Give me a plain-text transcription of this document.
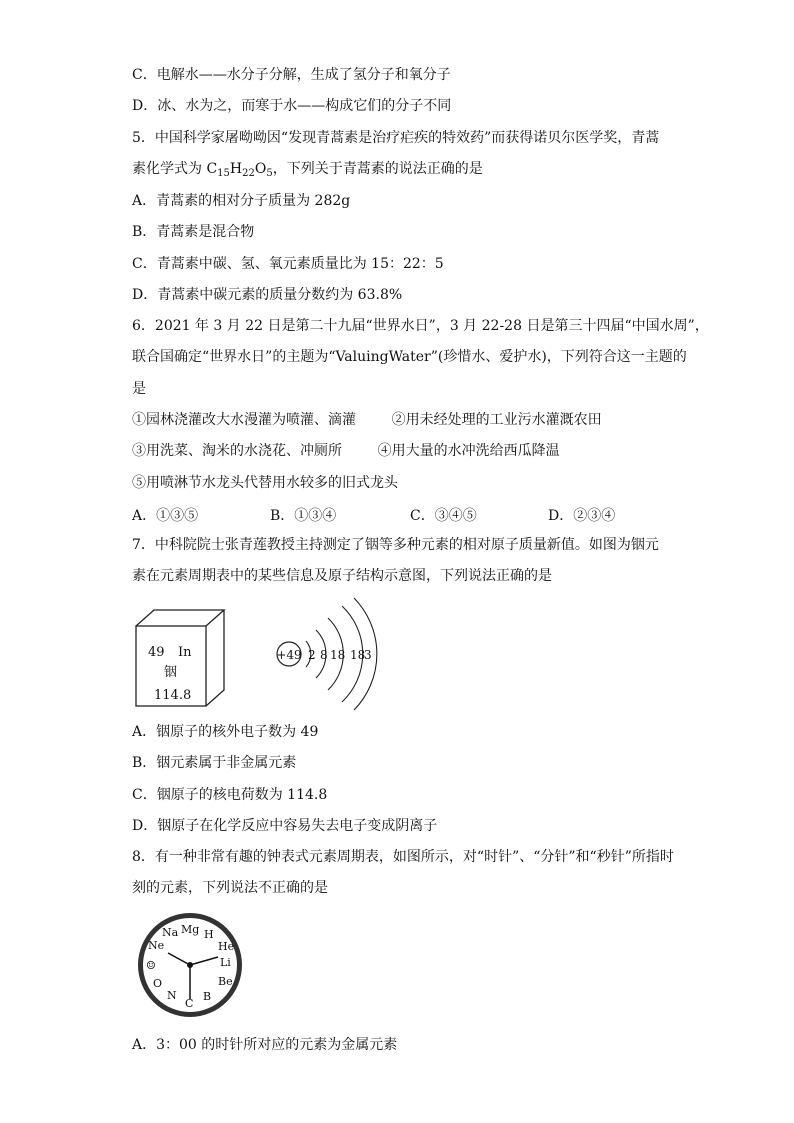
C．电解水——水分子分解，生成了氢分子和氧分子
D．冰、水为之，而寒于水——构成它们的分子不同
5．中国科学家屠呦呦因“发现青蒿素是治疗疟疾的特效药”而获得诺贝尔医学奖，青蒿
素化学式为 $C_{15}H_{22}O_5$，下列关于青蒿素的说法正确的是
A．青蒿素的相对分子质量为 282g
B．青蒿素是混合物
C．青蒿素中碳、氢、氧元素质量比为 15：22：5
D．青蒿素中碳元素的质量分数约为 63.8%
6．2021 年 3 月 22 日是第二十九届“世界水日”，3 月 22-28 日是第三十四届“中国水周”，
联合国确定“世界水日”的主题为“ValuingWater”(珍惜水、爱护水)，下列符合这一主题的
是
①园林浇灌改大水漫灌为喷灌、滴灌        ②用未经处理的工业污水灌溉农田
③用洗菜、淘米的水浇花、冲厕所        ④用大量的水冲洗给西瓜降温
⑤用喷淋节水龙头代替用水较多的旧式龙头
A．①③⑤	B．①③④	C．③④⑤	D．②③④
7．中科院院士张青莲教授主持测定了铟等多种元素的相对原子质量新值。如图为铟元
素在元素周期表中的某些信息及原子结构示意图，下列说法正确的是
49 In
铟
114.8
+49 2 8 18 18
3
A．铟原子的核外电子数为 49
B．铟元素属于非金属元素
C．铟原子的核电荷数为 114.8
D．铟原子在化学反应中容易失去电子变成阴离子
8．有一种非常有趣的钟表式元素周期表，如图所示，对“时针”、“分针”和“秒针”所指时
刻的元素，下列说法不正确的是
Mg H
He
Li
Be
B
C
N
O
☺
Ne
Na
A．3：00 的时针所对应的元素为金属元素
